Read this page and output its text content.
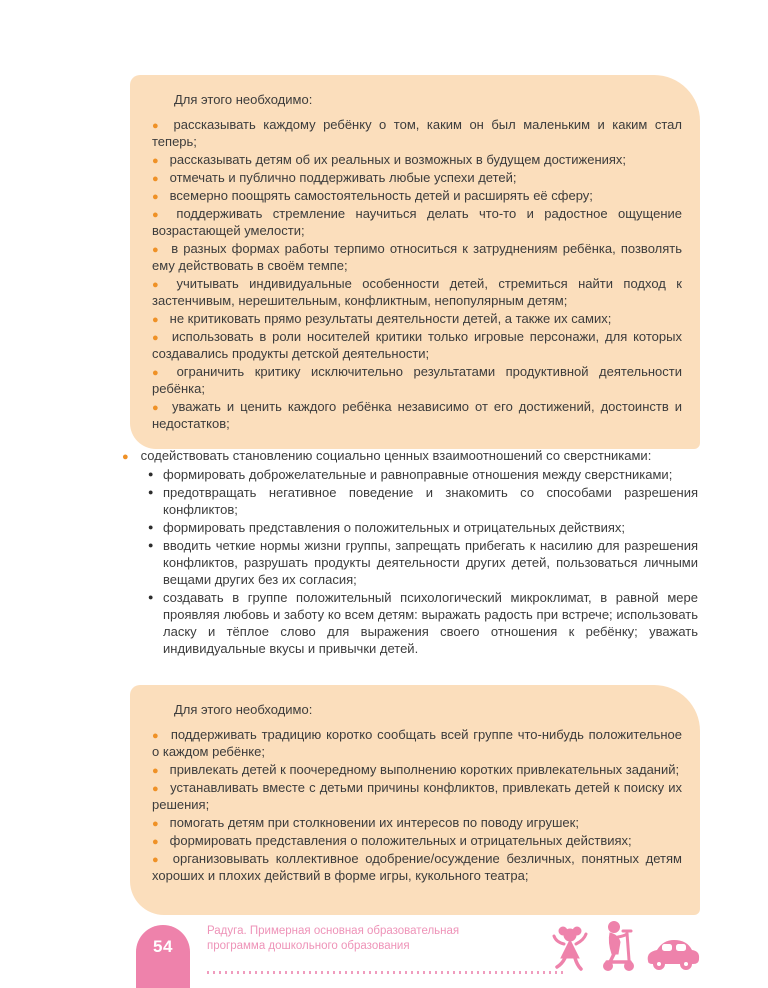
Для этого необходимо:

● рассказывать каждому ребёнку о том, каким он был маленьким и каким стал теперь;

● рассказывать детям об их реальных и возможных в будущем достижениях;

● отмечать и публично поддерживать любые успехи детей;

● всемерно поощрять самостоятельность детей и расширять её сферу;

● поддерживать стремление научиться делать что-то и радостное ощущение возрастающей умелости;

● в разных формах работы терпимо относиться к затруднениям ребёнка, позволять ему действовать в своём темпе;

● учитывать индивидуальные особенности детей, стремиться найти подход к застенчивым, нерешительным, конфликтным, непопулярным детям;

● не критиковать прямо результаты деятельности детей, а также их самих;

● использовать в роли носителей критики только игровые персонажи, для которых создавались продукты детской деятельности;

● ограничить критику исключительно результатами продуктивной деятельности ребёнка;

● уважать и ценить каждого ребёнка независимо от его достижений, достоинств и недостатков;

● содействовать становлению социально ценных взаимоотношений со сверстниками:

● формировать доброжелательные и равноправные отношения между сверстниками;
● предотвращать негативное поведение и знакомить со способами разрешения конфликтов;
● формировать представления о положительных и отрицательных действиях;
● вводить четкие нормы жизни группы, запрещать прибегать к насилию для разрешения конфликтов, разрушать продукты деятельности других детей, пользоваться личными вещами других без их согласия;
● создавать в группе положительный психологический микроклимат, в равной мере проявляя любовь и заботу ко всем детям: выражать радость при встрече; использовать ласку и тёплое слово для выражения своего отношения к ребёнку; уважать индивидуальные вкусы и привычки детей.

Для этого необходимо:

● поддерживать традицию коротко сообщать всей группе что-нибудь положительное о каждом ребёнке;

● привлекать детей к поочередному выполнению коротких привлекательных заданий;

● устанавливать вместе с детьми причины конфликтов, привлекать детей к поиску их решения;

● помогать детям при столкновении их интересов по поводу игрушек;

● формировать представления о положительных и отрицательных действиях;

● организовывать коллективное одобрение/осуждение безличных, понятных детям хороших и плохих действий в форме игры, кукольного театра;

54
Радуга. Примерная основная образовательная
программа дошкольного образования
